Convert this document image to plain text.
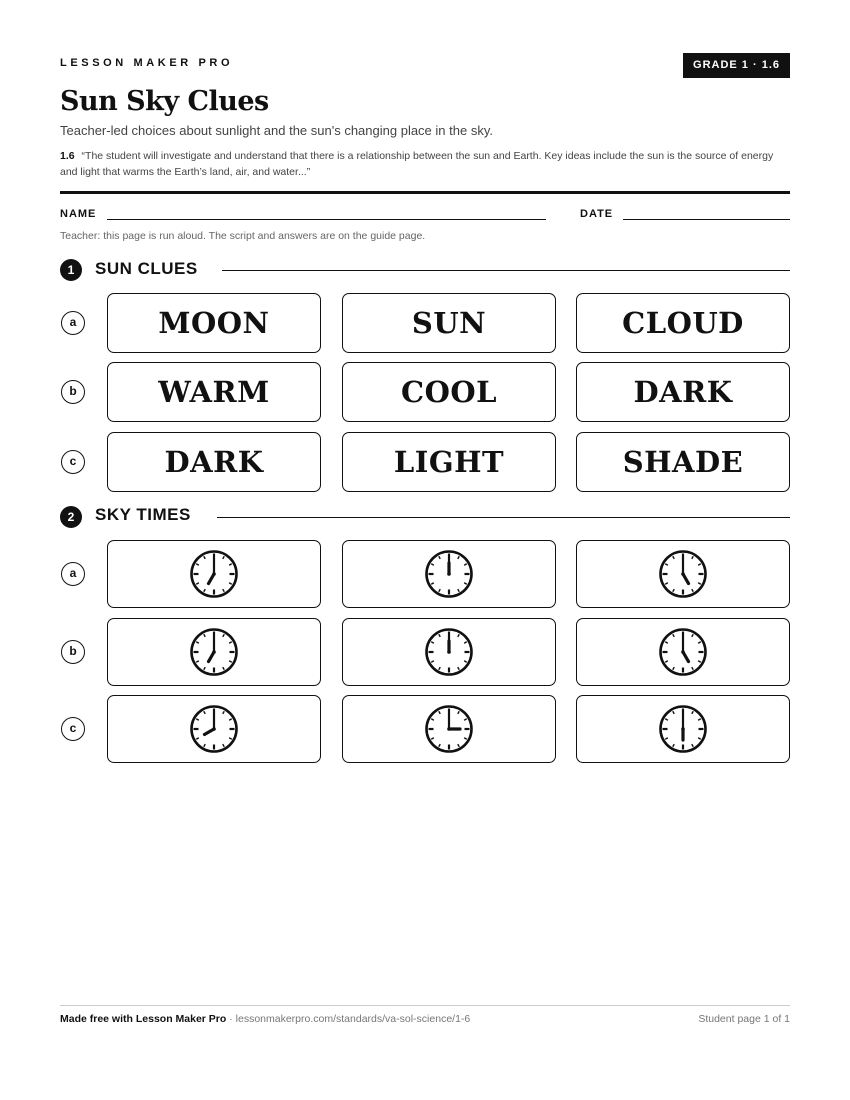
LESSON MAKER PRO	GRADE 1 · 1.6
Sun Sky Clues
Teacher-led choices about sunlight and the sun's changing place in the sky.
1.6 “The student will investigate and understand that there is a relationship between the sun and Earth. Key ideas include the sun is the source of energy and light that warms the Earth’s land, air, and water...”
NAME	DATE
Teacher: this page is run aloud. The script and answers are on the guide page.
1	SUN CLUES
a	MOON	SUN	CLOUD
b	WARM	COOL	DARK
c	DARK	LIGHT	SHADE
2	SKY TIMES
a
b
c
Made free with Lesson Maker Pro · lessonmakerpro.com/standards/va-sol-science/1-6	Student page 1 of 1
